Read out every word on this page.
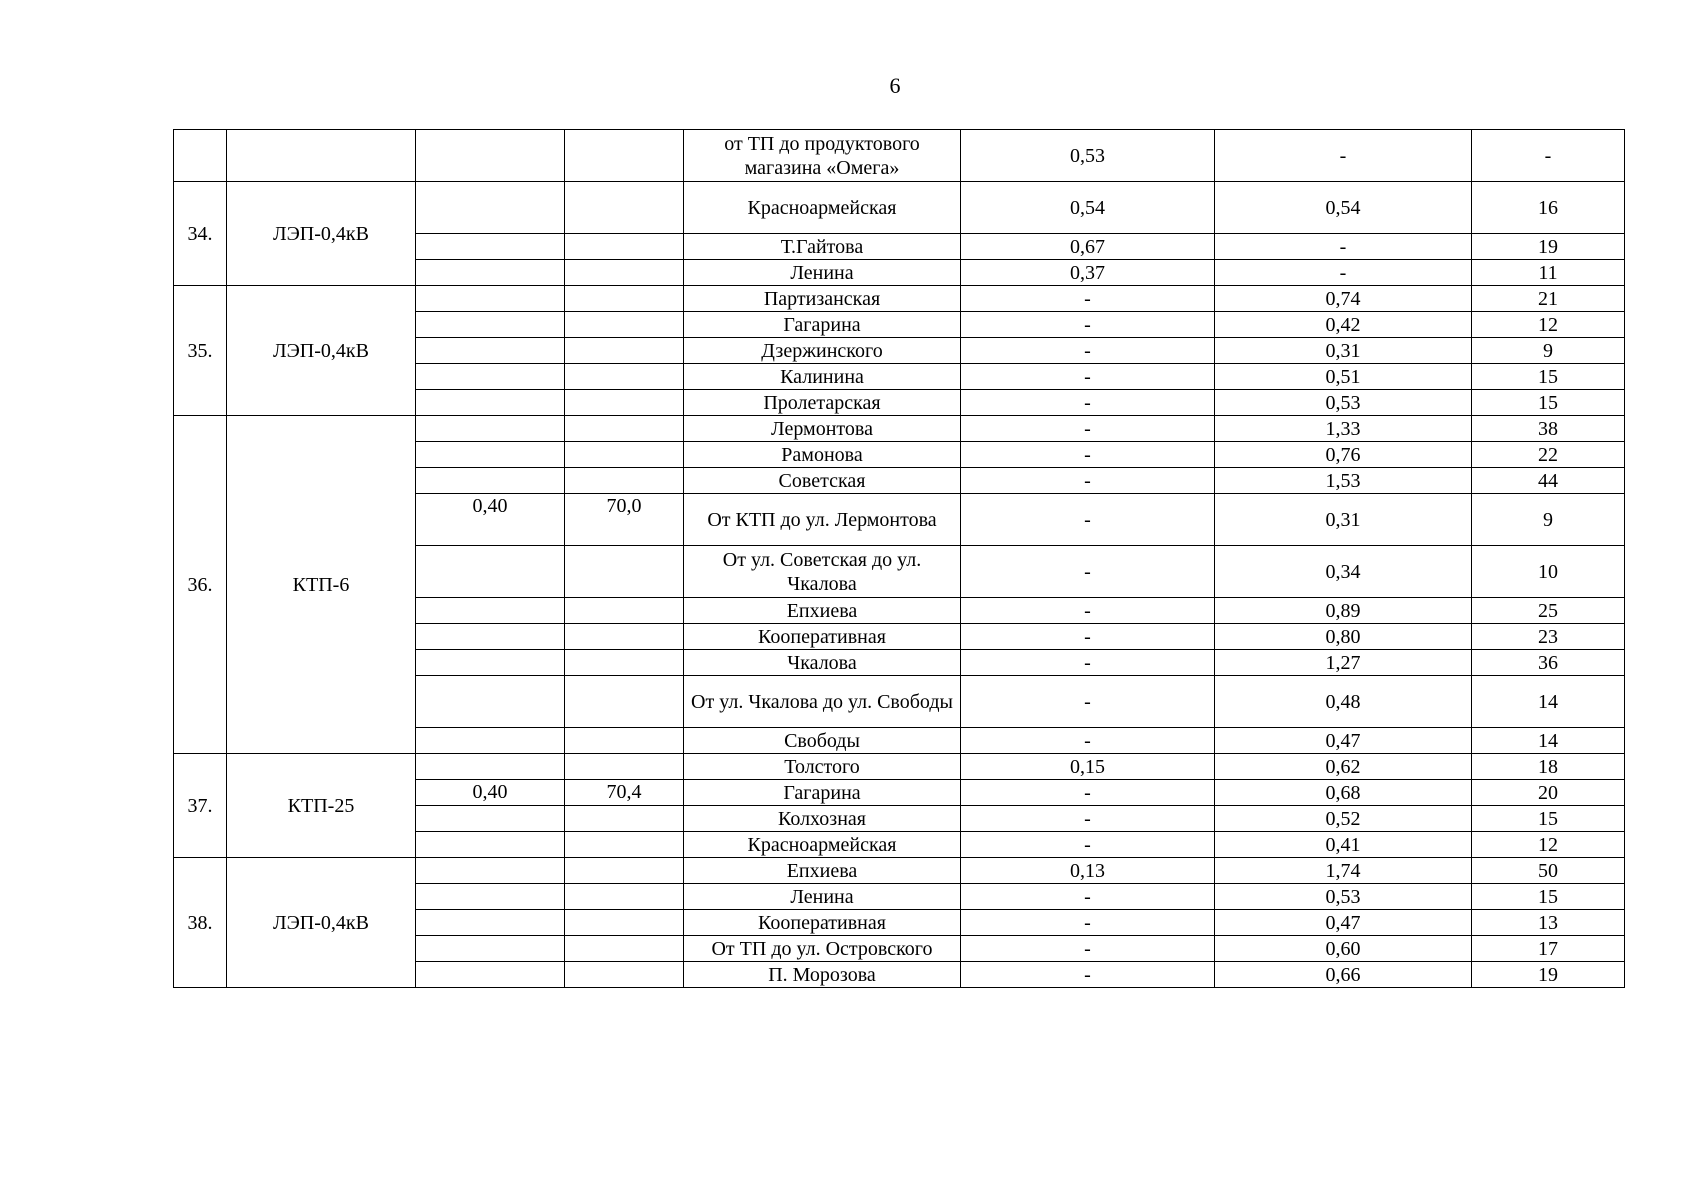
6
				от ТП до продуктового магазина «Омега»	0,53	-	-
34.	ЛЭП-0,4кВ			Красноармейская	0,54	0,54	16
				Т.Гайтова	0,67	-	19
				Ленина	0,37	-	11
35.	ЛЭП-0,4кВ			Партизанская	-	0,74	21
				Гагарина	-	0,42	12
				Дзержинского	-	0,31	9
				Калинина	-	0,51	15
				Пролетарская	-	0,53	15
36.	КТП-6			Лермонтова	-	1,33	38
				Рамонова	-	0,76	22
				Советская	-	1,53	44
		0,40	70,0	От КТП до ул. Лермонтова	-	0,31	9
				От ул. Советская до ул. Чкалова	-	0,34	10
				Епхиева	-	0,89	25
				Кооперативная	-	0,80	23
				Чкалова	-	1,27	36
				От ул. Чкалова до ул. Свободы	-	0,48	14
				Свободы	-	0,47	14
37.	КТП-25			Толстого	0,15	0,62	18
		0,40	70,4	Гагарина	-	0,68	20
				Колхозная	-	0,52	15
				Красноармейская	-	0,41	12
38.	ЛЭП-0,4кВ			Епхиева	0,13	1,74	50
				Ленина	-	0,53	15
				Кооперативная	-	0,47	13
				От ТП до ул. Островского	-	0,60	17
				П. Морозова	-	0,66	19
